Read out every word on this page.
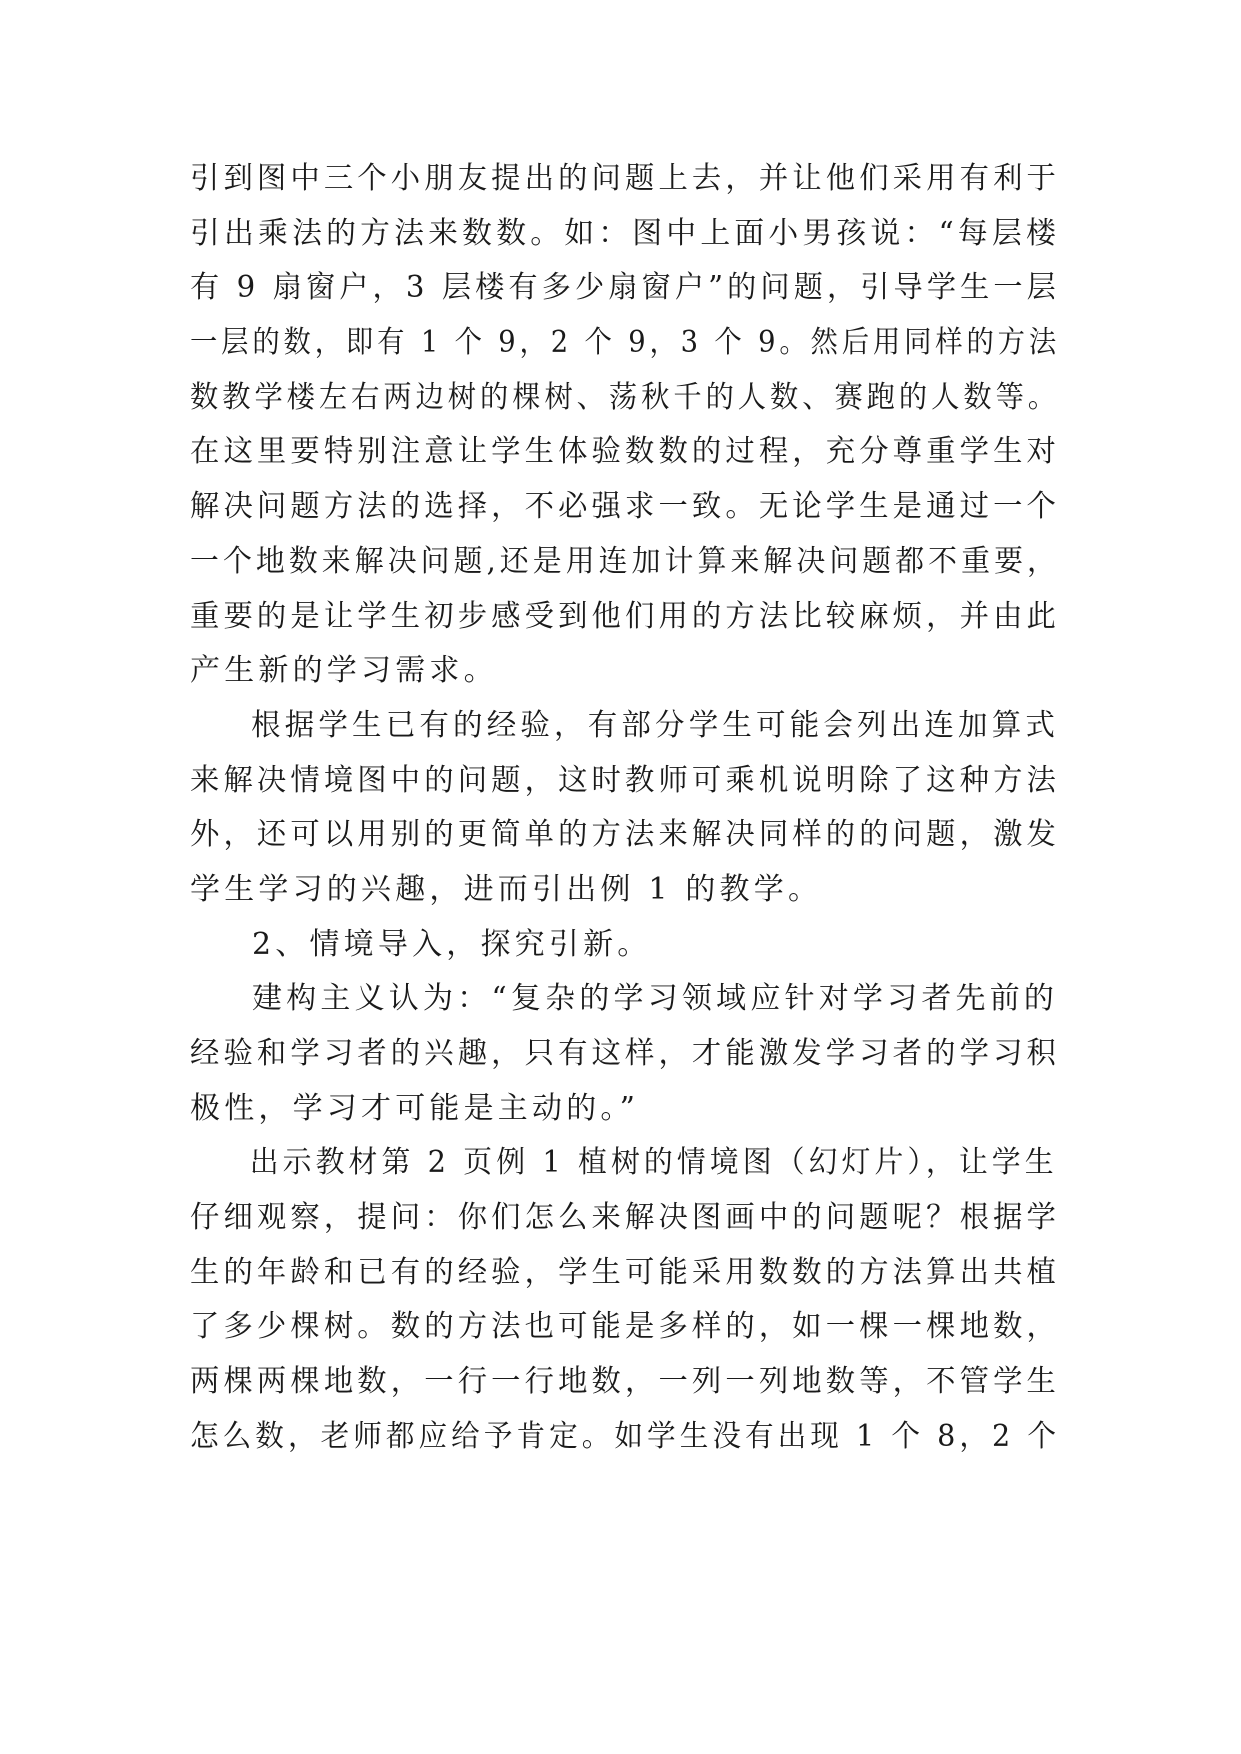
引到图中三个小朋友提出的问题上去，并让他们采用有利于
引出乘法的方法来数数。如：图中上面小男孩说：“每层楼
有 9 扇窗户，3 层楼有多少扇窗户”的问题，引导学生一层
一层的数，即有 1 个 9，2 个 9，3 个 9。然后用同样的方法
数教学楼左右两边树的棵树、荡秋千的人数、赛跑的人数等。
在这里要特别注意让学生体验数数的过程，充分尊重学生对
解决问题方法的选择，不必强求一致。无论学生是通过一个
一个地数来解决问题,还是用连加计算来解决问题都不重要，
重要的是让学生初步感受到他们用的方法比较麻烦，并由此
产生新的学习需求。
根据学生已有的经验，有部分学生可能会列出连加算式
来解决情境图中的问题，这时教师可乘机说明除了这种方法
外，还可以用别的更简单的方法来解决同样的的问题，激发
学生学习的兴趣，进而引出例 1 的教学。
2、情境导入，探究引新。
建构主义认为：“复杂的学习领域应针对学习者先前的
经验和学习者的兴趣，只有这样，才能激发学习者的学习积
极性，学习才可能是主动的。”
出示教材第 2 页例 1 植树的情境图（幻灯片），让学生
仔细观察，提问：你们怎么来解决图画中的问题呢？根据学
生的年龄和已有的经验，学生可能采用数数的方法算出共植
了多少棵树。数的方法也可能是多样的，如一棵一棵地数，
两棵两棵地数，一行一行地数，一列一列地数等，不管学生
怎么数，老师都应给予肯定。如学生没有出现 1 个 8，2 个
